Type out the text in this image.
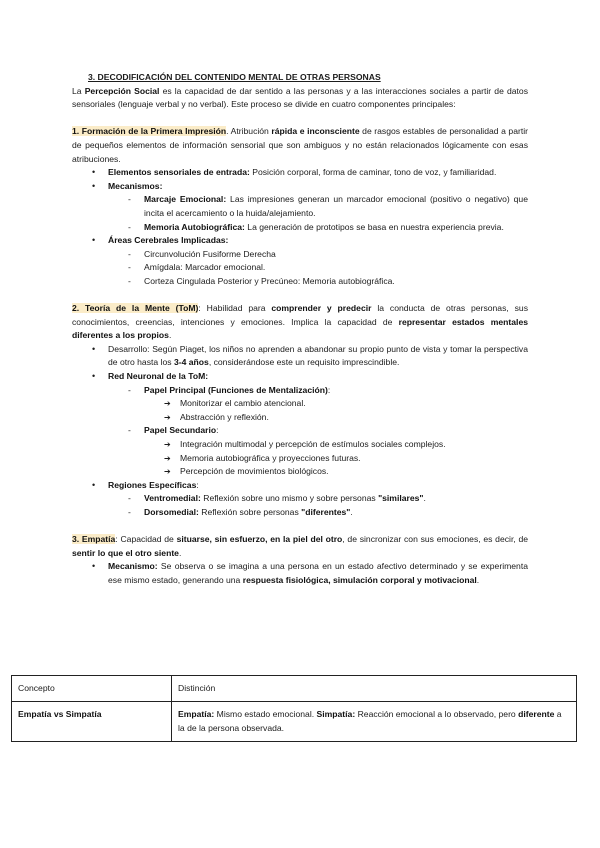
3. DECODIFICACIÓN DEL CONTENIDO MENTAL DE OTRAS PERSONAS

La Percepción Social es la capacidad de dar sentido a las personas y a las interacciones sociales a partir de datos sensoriales (lenguaje verbal y no verbal). Este proceso se divide en cuatro componentes principales:

1. Formación de la Primera Impresión. Atribución rápida e inconsciente de rasgos estables de personalidad a partir de pequeños elementos de información sensorial que son ambiguos y no están relacionados lógicamente con esas atribuciones.

• Elementos sensoriales de entrada: Posición corporal, forma de caminar, tono de voz, y familiaridad.
• Mecanismos:
- Marcaje Emocional: Las impresiones generan un marcador emocional (positivo o negativo) que incita el acercamiento o la huida/alejamiento.
- Memoria Autobiográfica: La generación de prototipos se basa en nuestra experiencia previa.
• Áreas Cerebrales Implicadas:
- Circunvolución Fusiforme Derecha
- Amígdala: Marcador emocional.
- Corteza Cingulada Posterior y Precúneo: Memoria autobiográfica.

2. Teoría de la Mente (ToM): Habilidad para comprender y predecir la conducta de otras personas, sus conocimientos, creencias, intenciones y emociones. Implica la capacidad de representar estados mentales diferentes a los propios.

• Desarrollo: Según Piaget, los niños no aprenden a abandonar su propio punto de vista y tomar la perspectiva de otro hasta los 3-4 años, considerándose este un requisito imprescindible.
• Red Neuronal de la ToM:
- Papel Principal (Funciones de Mentalización):
➔ Monitorizar el cambio atencional.
➔ Abstracción y reflexión.
- Papel Secundario:
➔ Integración multimodal y percepción de estímulos sociales complejos.
➔ Memoria autobiográfica y proyecciones futuras.
➔ Percepción de movimientos biológicos.
• Regiones Específicas:
- Ventromedial: Reflexión sobre uno mismo y sobre personas "similares".
- Dorsomedial: Reflexión sobre personas "diferentes".

3. Empatía: Capacidad de situarse, sin esfuerzo, en la piel del otro, de sincronizar con sus emociones, es decir, de sentir lo que el otro siente.

• Mecanismo: Se observa o se imagina a una persona en un estado afectivo determinado y se experimenta ese mismo estado, generando una respuesta fisiológica, simulación corporal y motivacional.
Concepto	Distinción
Empatía vs Simpatía	Empatía: Mismo estado emocional. Simpatía: Reacción emocional a lo observado, pero diferente a la de la persona observada.
